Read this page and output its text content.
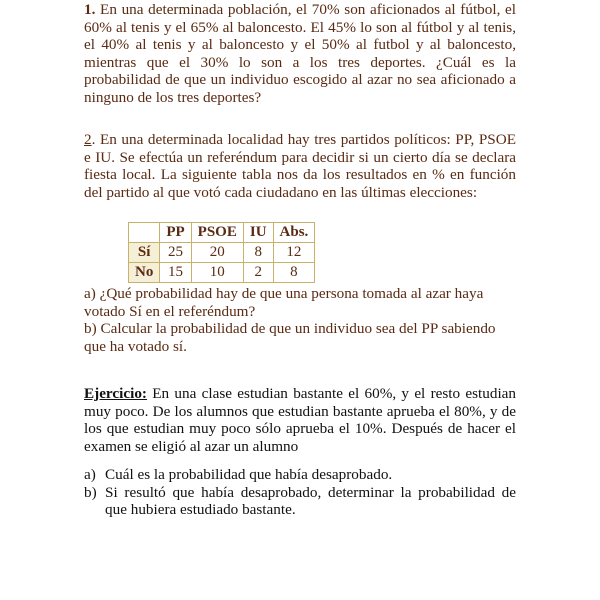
1. En una determinada población, el 70% son aficionados al fútbol, el 60% al tenis y el 65% al baloncesto. El 45% lo son al fútbol y al tenis, el 40% al tenis y al baloncesto y el 50% al futbol y al baloncesto, mientras que el 30% lo son a los tres deportes. ¿Cuál es la probabilidad de que un individuo escogido al azar no sea aficionado a ninguno de los tres deportes?
2. En una determinada localidad hay tres partidos políticos: PP, PSOE e IU. Se efectúa un referéndum para decidir si un cierto día se declara fiesta local. La siguiente tabla nos da los resultados en % en función del partido al que votó cada ciudadano en las últimas elecciones:
	PP	PSOE	IU	Abs.
Sí	25	20	8	12
No	15	10	2	8
a) ¿Qué probabilidad hay de que una persona tomada al azar haya votado Sí en el referéndum?
b) Calcular la probabilidad de que un individuo sea del PP sabiendo que ha votado sí.
Ejercicio: En una clase estudian bastante el 60%, y el resto estudian muy poco. De los alumnos que estudian bastante aprueba el 80%, y de los que estudian muy poco sólo aprueba el 10%. Después de hacer el examen se eligió al azar un alumno
a) Cuál es la probabilidad que había desaprobado.
b) Si resultó que había desaprobado, determinar la probabilidad de que hubiera estudiado bastante.
